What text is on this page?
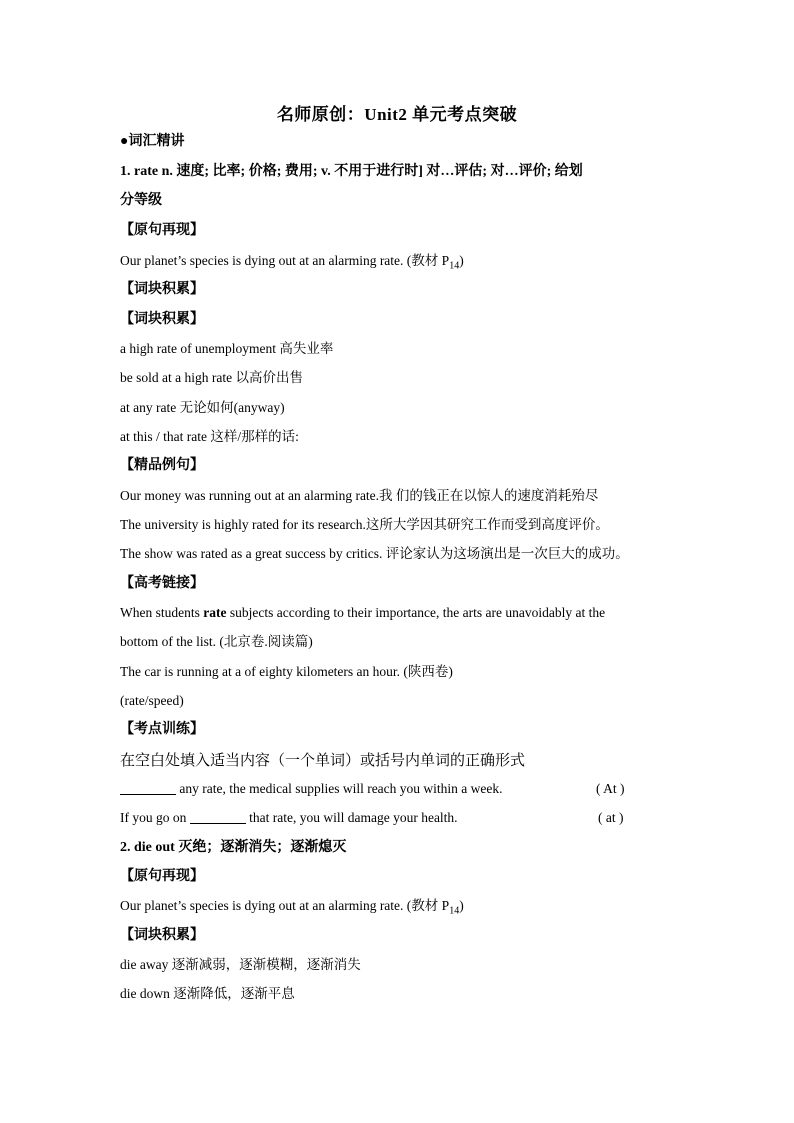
名师原创：Unit2 单元考点突破
●词汇精讲
1. rate n. 速度; 比率; 价格; 费用; v. 不用于进行时] 对…评估; 对…评价; 给划
分等级
【原句再现】
Our planet’s species is dying out at an alarming rate. (教材 $P_{14}$)
【词块积累】
【词块积累】
a high rate of unemployment 高失业率
be sold at a high rate 以高价出售
at any rate 无论如何(anyway)
at this / that rate 这样/那样的话:
【精品例句】
Our money was running out at an alarming rate.我 们的钱正在以惊人的速度消耗殆尽
The university is highly rated for its research.这所大学因其研究工作而受到高度评价。
The show was rated as a great success by critics. 评论家认为这场演出是一次巨大的成功。
【高考链接】
When students rate subjects according to their importance, the arts are unavoidably at the
bottom of the list. (北京卷.阅读篇)
The car is running at a of eighty kilometers an hour. (陕西卷)
(rate/speed)
【考点训练】
在空白处填入适当内容（一个单词）或括号内单词的正确形式
any rate, the medical supplies will reach you within a week.	( At )
If you go on	that rate, you will damage your health.	( at )
2. die out 灭绝；逐渐消失；逐渐熄灭
【原句再现】
Our planet’s species is dying out at an alarming rate. (教材 $P_{14}$)
【词块积累】
die away 逐渐减弱，逐渐模糊，逐渐消失
die down 逐渐降低，逐渐平息
